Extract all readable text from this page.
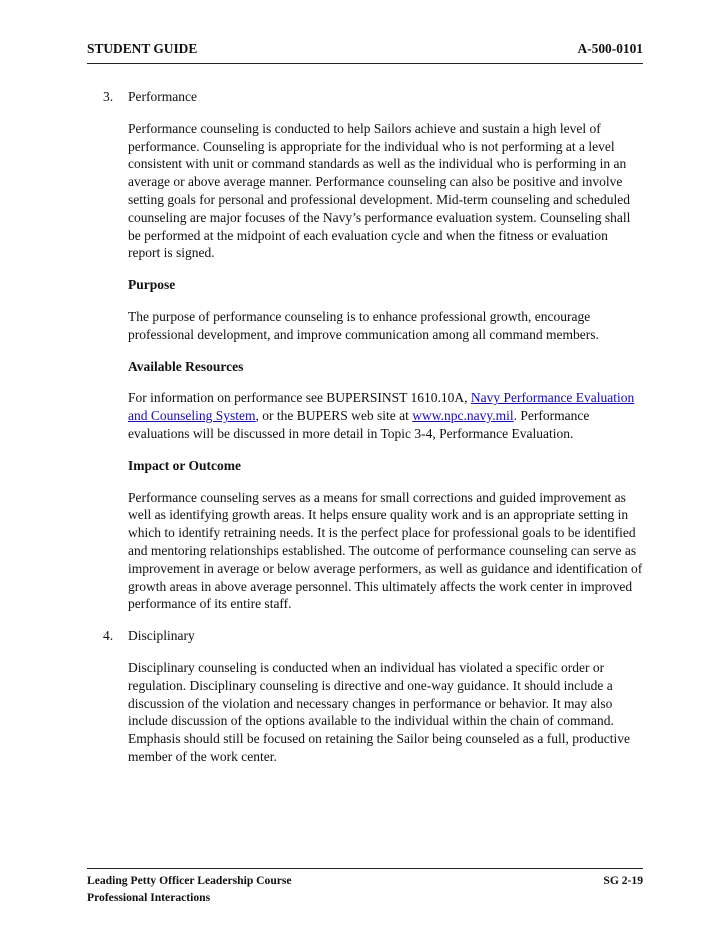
STUDENT GUIDE	A-500-0101
3. Performance

Performance counseling is conducted to help Sailors achieve and sustain a high level of performance. Counseling is appropriate for the individual who is not performing at a level consistent with unit or command standards as well as the individual who is performing in an average or above average manner. Performance counseling can also be positive and involve setting goals for personal and professional development. Mid-term counseling and scheduled counseling are major focuses of the Navy’s performance evaluation system. Counseling shall be performed at the midpoint of each evaluation cycle and when the fitness or evaluation report is signed.

Purpose

The purpose of performance counseling is to enhance professional growth, encourage professional development, and improve communication among all command members.

Available Resources

For information on performance see BUPERSINST 1610.10A, Navy Performance Evaluation and Counseling System, or the BUPERS web site at www.npc.navy.mil. Performance evaluations will be discussed in more detail in Topic 3-4, Performance Evaluation.

Impact or Outcome

Performance counseling serves as a means for small corrections and guided improvement as well as identifying growth areas. It helps ensure quality work and is an appropriate setting in which to identify retraining needs. It is the perfect place for professional goals to be identified and mentoring relationships established. The outcome of performance counseling can serve as improvement in average or below average performers, as well as guidance and identification of growth areas in above average personnel. This ultimately affects the work center in improved performance of its entire staff.

4. Disciplinary

Disciplinary counseling is conducted when an individual has violated a specific order or regulation. Disciplinary counseling is directive and one-way guidance. It should include a discussion of the violation and necessary changes in performance or behavior. It may also include discussion of the options available to the individual within the chain of command. Emphasis should still be focused on retaining the Sailor being counseled as a full, productive member of the work center.

Leading Petty Officer Leadership Course	SG 2-19
Professional Interactions
